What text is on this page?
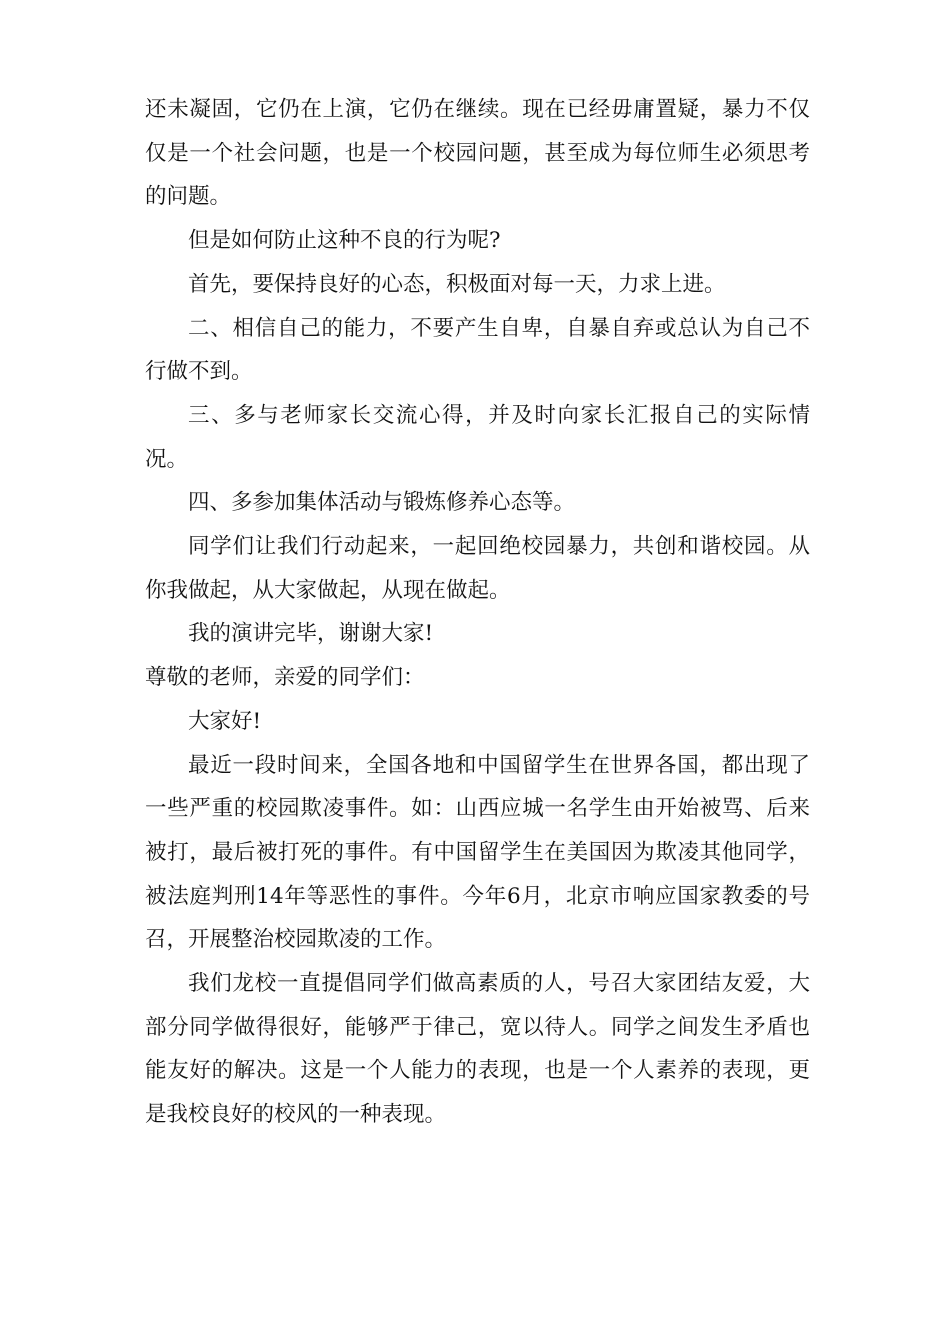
还未凝固，它仍在上演，它仍在继续。现在已经毋庸置疑，暴力不仅仅是一个社会问题，也是一个校园问题，甚至成为每位师生必须思考的问题。

但是如何防止这种不良的行为呢?

首先，要保持良好的心态，积极面对每一天，力求上进。

二、相信自己的能力，不要产生自卑，自暴自弃或总认为自己不行做不到。

三、多与老师家长交流心得，并及时向家长汇报自己的实际情况。

四、多参加集体活动与锻炼修养心态等。

同学们让我们行动起来，一起回绝校园暴力，共创和谐校园。从你我做起，从大家做起，从现在做起。

我的演讲完毕，谢谢大家!

尊敬的老师，亲爱的同学们：

大家好!

最近一段时间来，全国各地和中国留学生在世界各国，都出现了一些严重的校园欺凌事件。如：山西应城一名学生由开始被骂、后来被打，最后被打死的事件。有中国留学生在美国因为欺凌其他同学，被法庭判刑14年等恶性的事件。今年6月，北京市响应国家教委的号召，开展整治校园欺凌的工作。

我们龙校一直提倡同学们做高素质的人，号召大家团结友爱，大部分同学做得很好，能够严于律己，宽以待人。同学之间发生矛盾也能友好的解决。这是一个人能力的表现，也是一个人素养的表现，更是我校良好的校风的一种表现。
